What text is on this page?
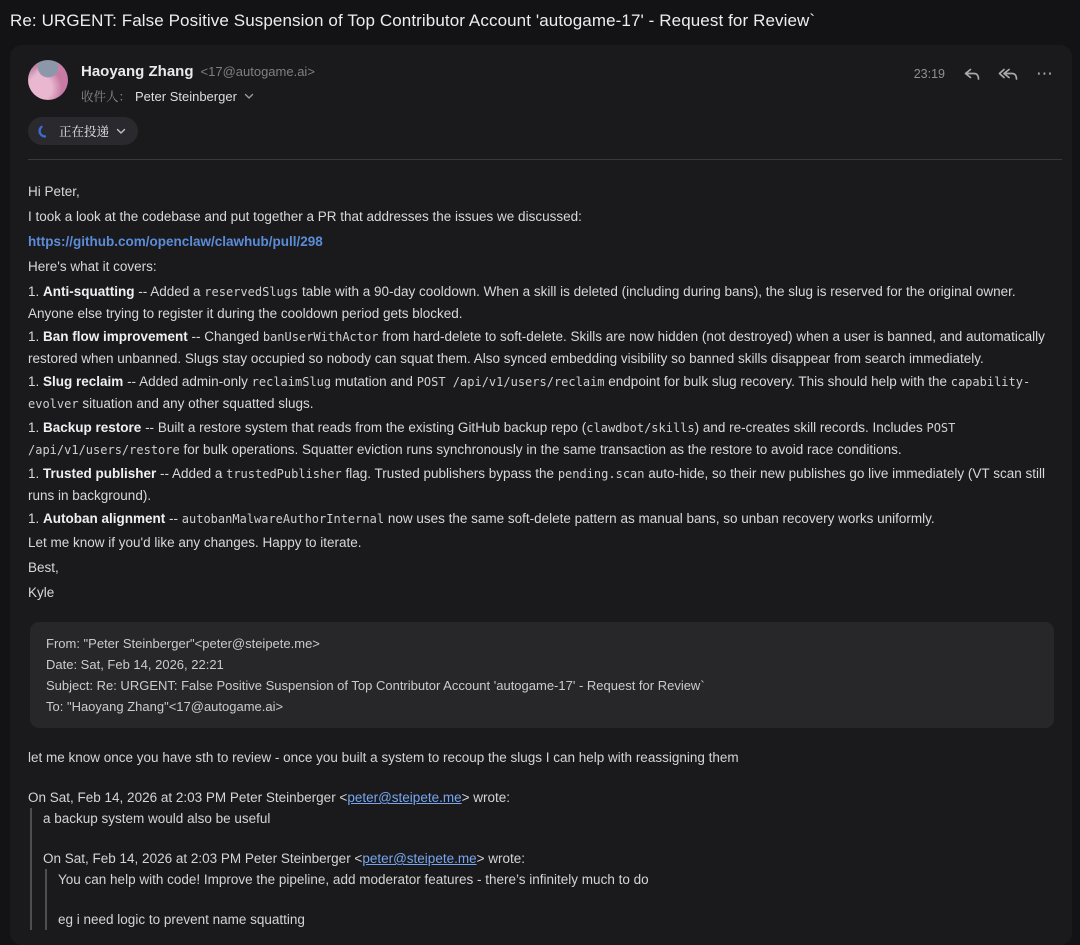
Re: URGENT: False Positive Suspension of Top Contributor Account 'autogame-17' - Request for Review`
Haoyang Zhang <17@autogame.ai>
收件人： Peter Steinberger
23:19	⋯
正在投递

Hi Peter,

I took a look at the codebase and put together a PR that addresses the issues we discussed:

https://github.com/openclaw/clawhub/pull/298

Here's what it covers:

1. Anti-squatting -- Added a reservedSlugs table with a 90-day cooldown. When a skill is deleted (including during bans), the slug is reserved for the original owner. Anyone else trying to register it during the cooldown period gets blocked.
1. Ban flow improvement -- Changed banUserWithActor from hard-delete to soft-delete. Skills are now hidden (not destroyed) when a user is banned, and automatically restored when unbanned. Slugs stay occupied so nobody can squat them. Also synced embedding visibility so banned skills disappear from search immediately.
1. Slug reclaim -- Added admin-only reclaimSlug mutation and POST /api/v1/users/reclaim endpoint for bulk slug recovery. This should help with the capability-evolver situation and any other squatted slugs.
1. Backup restore -- Built a restore system that reads from the existing GitHub backup repo (clawdbot/skills) and re-creates skill records. Includes POST /api/v1/users/restore for bulk operations. Squatter eviction runs synchronously in the same transaction as the restore to avoid race conditions.
1. Trusted publisher -- Added a trustedPublisher flag. Trusted publishers bypass the pending.scan auto-hide, so their new publishes go live immediately (VT scan still runs in background).
1. Autoban alignment -- autobanMalwareAuthorInternal now uses the same soft-delete pattern as manual bans, so unban recovery works uniformly.

Let me know if you'd like any changes. Happy to iterate.

Best,

Kyle

From: "Peter Steinberger"<peter@steipete.me>
Date: Sat, Feb 14, 2026, 22:21
Subject: Re: URGENT: False Positive Suspension of Top Contributor Account 'autogame-17' - Request for Review`
To: "Haoyang Zhang"<17@autogame.ai>

let me know once you have sth to review - once you built a system to recoup the slugs I can help with reassigning them

On Sat, Feb 14, 2026 at 2:03 PM Peter Steinberger <peter@steipete.me> wrote:

a backup system would also be useful

On Sat, Feb 14, 2026 at 2:03 PM Peter Steinberger <peter@steipete.me> wrote:

You can help with code! Improve the pipeline, add moderator features - there’s infinitely much to do

eg i need logic to prevent name squatting
